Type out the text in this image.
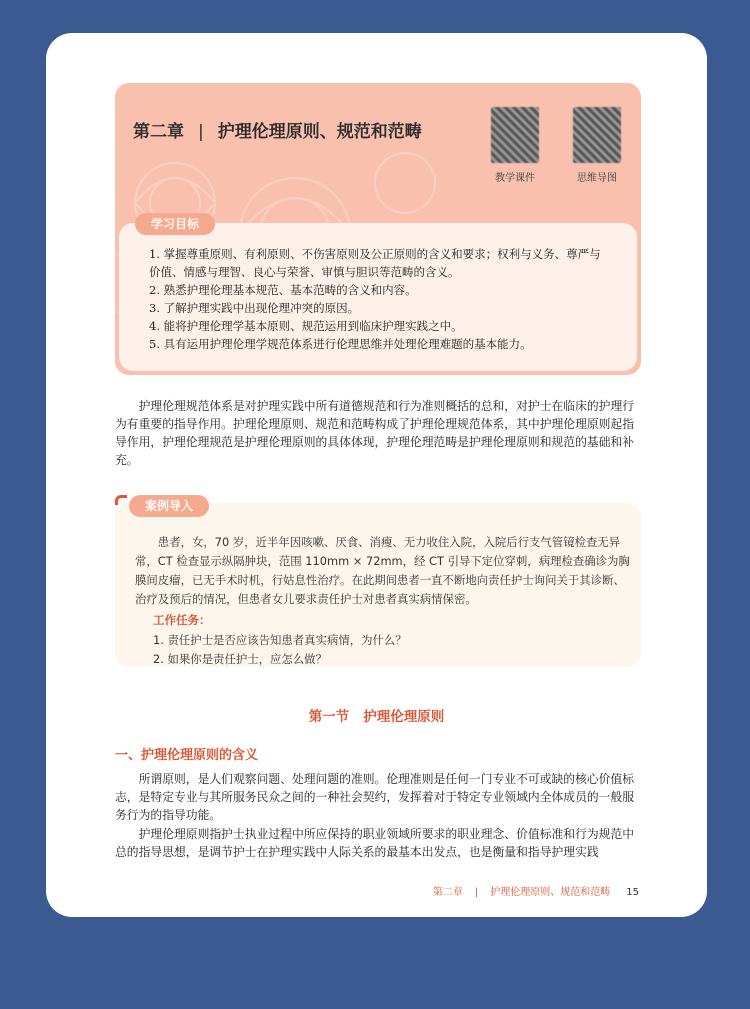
第二章 | 护理伦理原则、规范和范畴
教学课件	思维导图
学习目标
1. 掌握尊重原则、有利原则、不伤害原则及公正原则的含义和要求；权利与义务、尊严与
价值、情感与理智、良心与荣誉、审慎与胆识等范畴的含义。
2. 熟悉护理伦理基本规范、基本范畴的含义和内容。
3. 了解护理实践中出现伦理冲突的原因。
4. 能将护理伦理学基本原则、规范运用到临床护理实践之中。
5. 具有运用护理伦理学规范体系进行伦理思维并处理伦理难题的基本能力。

护理伦理规范体系是对护理实践中所有道德规范和行为准则概括的总和，对护士在临床的护理行为有重要的指导作用。护理伦理原则、规范和范畴构成了护理伦理规范体系，其中护理伦理原则起指导作用，护理伦理规范是护理伦理原则的具体体现，护理伦理范畴是护理伦理原则和规范的基础和补充。

案例导入

患者，女，70 岁，近半年因咳嗽、厌食、消瘦、无力收住入院，入院后行支气管镜检查无异常，CT 检查显示纵隔肿块，范围 110mm × 72mm，经 CT 引导下定位穿刺，病理检查确诊为胸膜间皮瘤，已无手术时机，行姑息性治疗。在此期间患者一直不断地向责任护士询问关于其诊断、治疗及预后的情况，但患者女儿要求责任护士对患者真实病情保密。

工作任务：
1. 责任护士是否应该告知患者真实病情，为什么？
2. 如果你是责任护士，应怎么做？
第一节   护理伦理原则
一、护理伦理原则的含义

所谓原则，是人们观察问题、处理问题的准则。伦理准则是任何一门专业不可或缺的核心价值标志，是特定专业与其所服务民众之间的一种社会契约，发挥着对于特定专业领域内全体成员的一般服务行为的指导功能。

护理伦理原则指护士执业过程中所应保持的职业领域所要求的职业理念、价值标准和行为规范中总的指导思想，是调节护士在护理实践中人际关系的最基本出发点，也是衡量和指导护理实践

第二章 | 护理伦理原则、规范和范畴 15
